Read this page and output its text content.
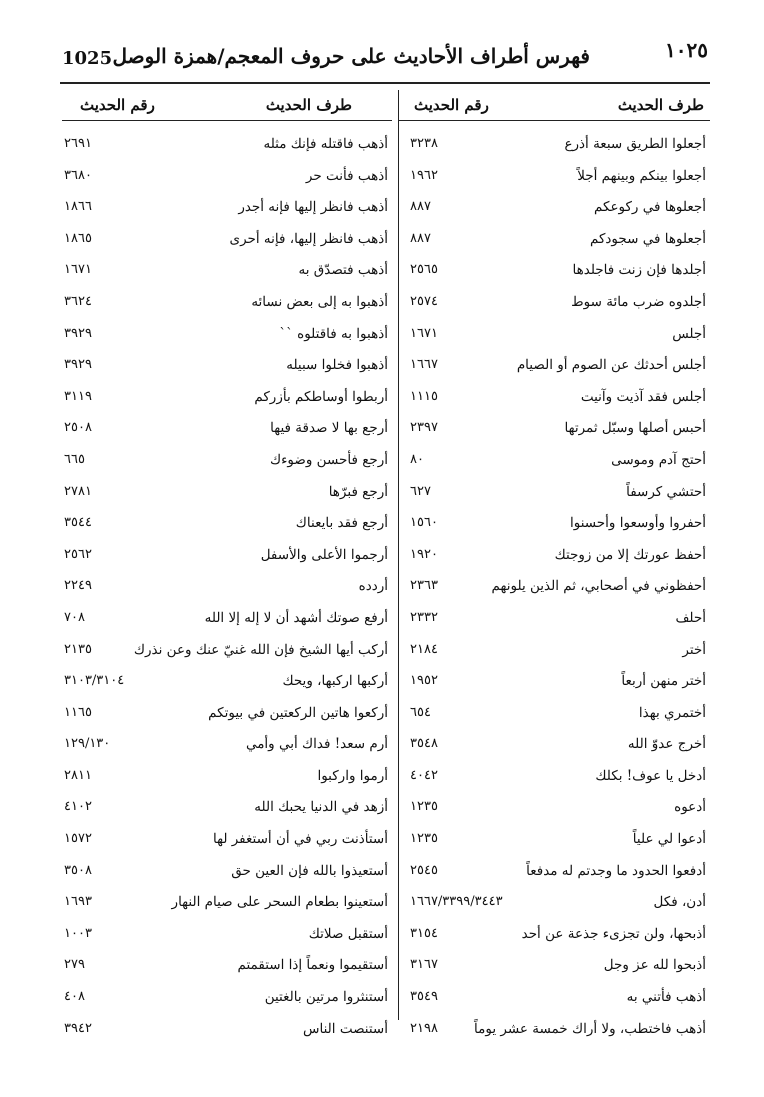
1025 فهرس أطراف الأحاديث على حروف المعجم/همزة الوصل	١٠٢٥
طرف الحديث
رقم الحديث	طرف الحديث
رقم الحديث
أجعلوا الطريق سبعة أذرع
٣٢٣٨
أجعلوا بينكم وبينهم أجلاً
١٩٦٢
أجعلوها في ركوعكم
٨٨٧
أجعلوها في سجودكم
٨٨٧
أجلدها فإن زنت فاجلدها
٢٥٦٥
أجلدوه ضرب مائة سوط
٢٥٧٤
أجلس
١٦٧١
أجلس أحدثك عن الصوم أو الصيام
١٦٦٧
أجلس فقد آذيت وآنيت
١١١٥
أحبس أصلها وسبّل ثمرتها
٢٣٩٧
أحتج آدم وموسى
٨٠
أحتشي كرسفاً
٦٢٧
أحفروا وأوسعوا وأحسنوا
١٥٦٠
أحفظ عورتك إلا من زوجتك
١٩٢٠
أحفظوني في أصحابي، ثم الذين يلونهم
٢٣٦٣
أحلف
٢٣٣٢
أختر
٢١٨٤
أختر منهن أربعاً
١٩٥٢
أختمري بهذا
٦٥٤
أخرج عدوّ الله
٣٥٤٨
أدخل يا عوف! بكلك
٤٠٤٢
أدعوه
١٢٣٥
أدعوا لي علياً
١٢٣٥
أدفعوا الحدود ما وجدتم له مدفعاً
٢٥٤٥
أدن، فكل
١٦٦٧/٣٣٩٩/٣٤٤٣
أذبحها، ولن تجزىء جذعة عن أحد
٣١٥٤
أذبحوا لله عز وجل
٣١٦٧
أذهب فأتني به
٣٥٤٩
أذهب فاختطب، ولا أراك خمسة عشر يوماً
٢١٩٨
أذهب فاقتله فإنك مثله
٢٦٩١
أذهب فأنت حر
٣٦٨٠
أذهب فانظر إليها فإنه أجدر
١٨٦٦
أذهب فانظر إليها، فإنه أحرى
١٨٦٥
أذهب فتصدّق به
١٦٧١
أذهبوا به إلى بعض نسائه
٣٦٢٤
أذهبوا به فاقتلوه ``
٣٩٢٩
أذهبوا فخلوا سبيله
٣٩٢٩
أربطوا أوساطكم بأزركم
٣١١٩
أرجع بها لا صدقة فيها
٢٥٠٨
أرجع فأحسن وضوءك
٦٦٥
أرجع فبرّها
٢٧٨١
أرجع فقد بايعناك
٣٥٤٤
أرجموا الأعلى والأسفل
٢٥٦٢
أردده
٢٢٤٩
أرفع صوتك أشهد أن لا إله إلا الله
٧٠٨
أركب أيها الشيخ فإن الله غنيّ عنك وعن نذرك
٢١٣٥
أركبها اركبها، ويحك
٣١٠٣/٣١٠٤
أركعوا هاتين الركعتين في بيوتكم
١١٦٥
أرم سعد! فداك أبي وأمي
١٢٩/١٣٠
أرموا واركبوا
٢٨١١
أزهد في الدنيا يحبك الله
٤١٠٢
أستأذنت ربي في أن أستغفر لها
١٥٧٢
أستعيذوا بالله فإن العين حق
٣٥٠٨
أستعينوا بطعام السحر على صيام النهار
١٦٩٣
أستقبل صلاتك
١٠٠٣
أستقيموا ونعماً إذا استقمتم
٢٧٩
أستنثروا مرتين بالغتين
٤٠٨
أستنصت الناس
٣٩٤٢
